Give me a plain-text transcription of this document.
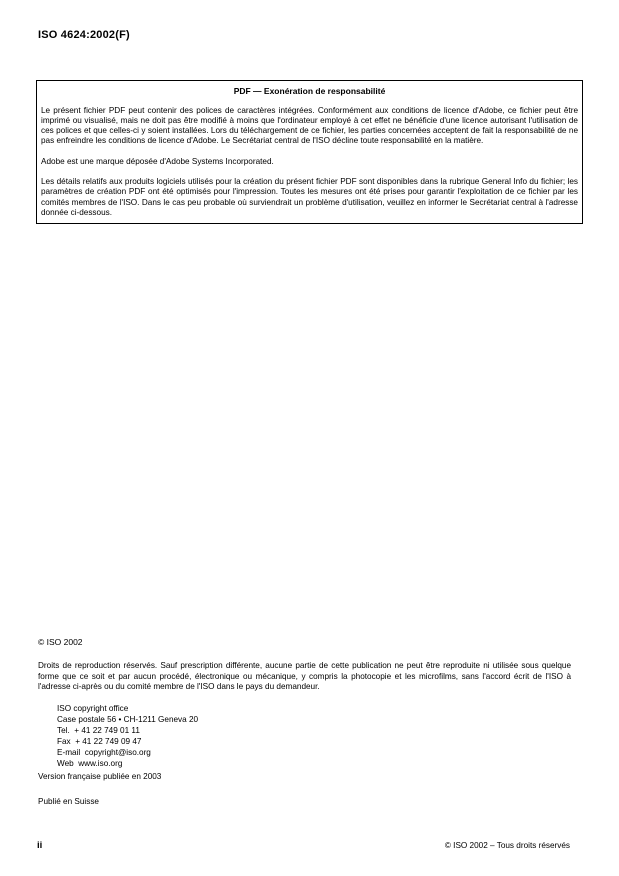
ISO 4624:2002(F)
PDF — Exonération de responsabilité

Le présent fichier PDF peut contenir des polices de caractères intégrées. Conformément aux conditions de licence d'Adobe, ce fichier peut être imprimé ou visualisé, mais ne doit pas être modifié à moins que l'ordinateur employé à cet effet ne bénéficie d'une licence autorisant l'utilisation de ces polices et que celles-ci y soient installées. Lors du téléchargement de ce fichier, les parties concernées acceptent de fait la responsabilité de ne pas enfreindre les conditions de licence d'Adobe. Le Secrétariat central de l'ISO décline toute responsabilité en la matière.

Adobe est une marque déposée d'Adobe Systems Incorporated.

Les détails relatifs aux produits logiciels utilisés pour la création du présent fichier PDF sont disponibles dans la rubrique General Info du fichier; les paramètres de création PDF ont été optimisés pour l'impression. Toutes les mesures ont été prises pour garantir l'exploitation de ce fichier par les comités membres de l'ISO. Dans le cas peu probable où surviendrait un problème d'utilisation, veuillez en informer le Secrétariat central à l'adresse donnée ci-dessous.

© ISO 2002
Droits de reproduction réservés. Sauf prescription différente, aucune partie de cette publication ne peut être reproduite ni utilisée sous quelque forme que ce soit et par aucun procédé, électronique ou mécanique, y compris la photocopie et les microfilms, sans l'accord écrit de l'ISO à l'adresse ci-après ou du comité membre de l'ISO dans le pays du demandeur.
ISO copyright office
Case postale 56 • CH-1211 Geneva 20
Tel.  + 41 22 749 01 11
Fax  + 41 22 749 09 47
E-mail  copyright@iso.org
Web  www.iso.org
Version française publiée en 2003
Publié en Suisse
ii	© ISO 2002 – Tous droits réservés
